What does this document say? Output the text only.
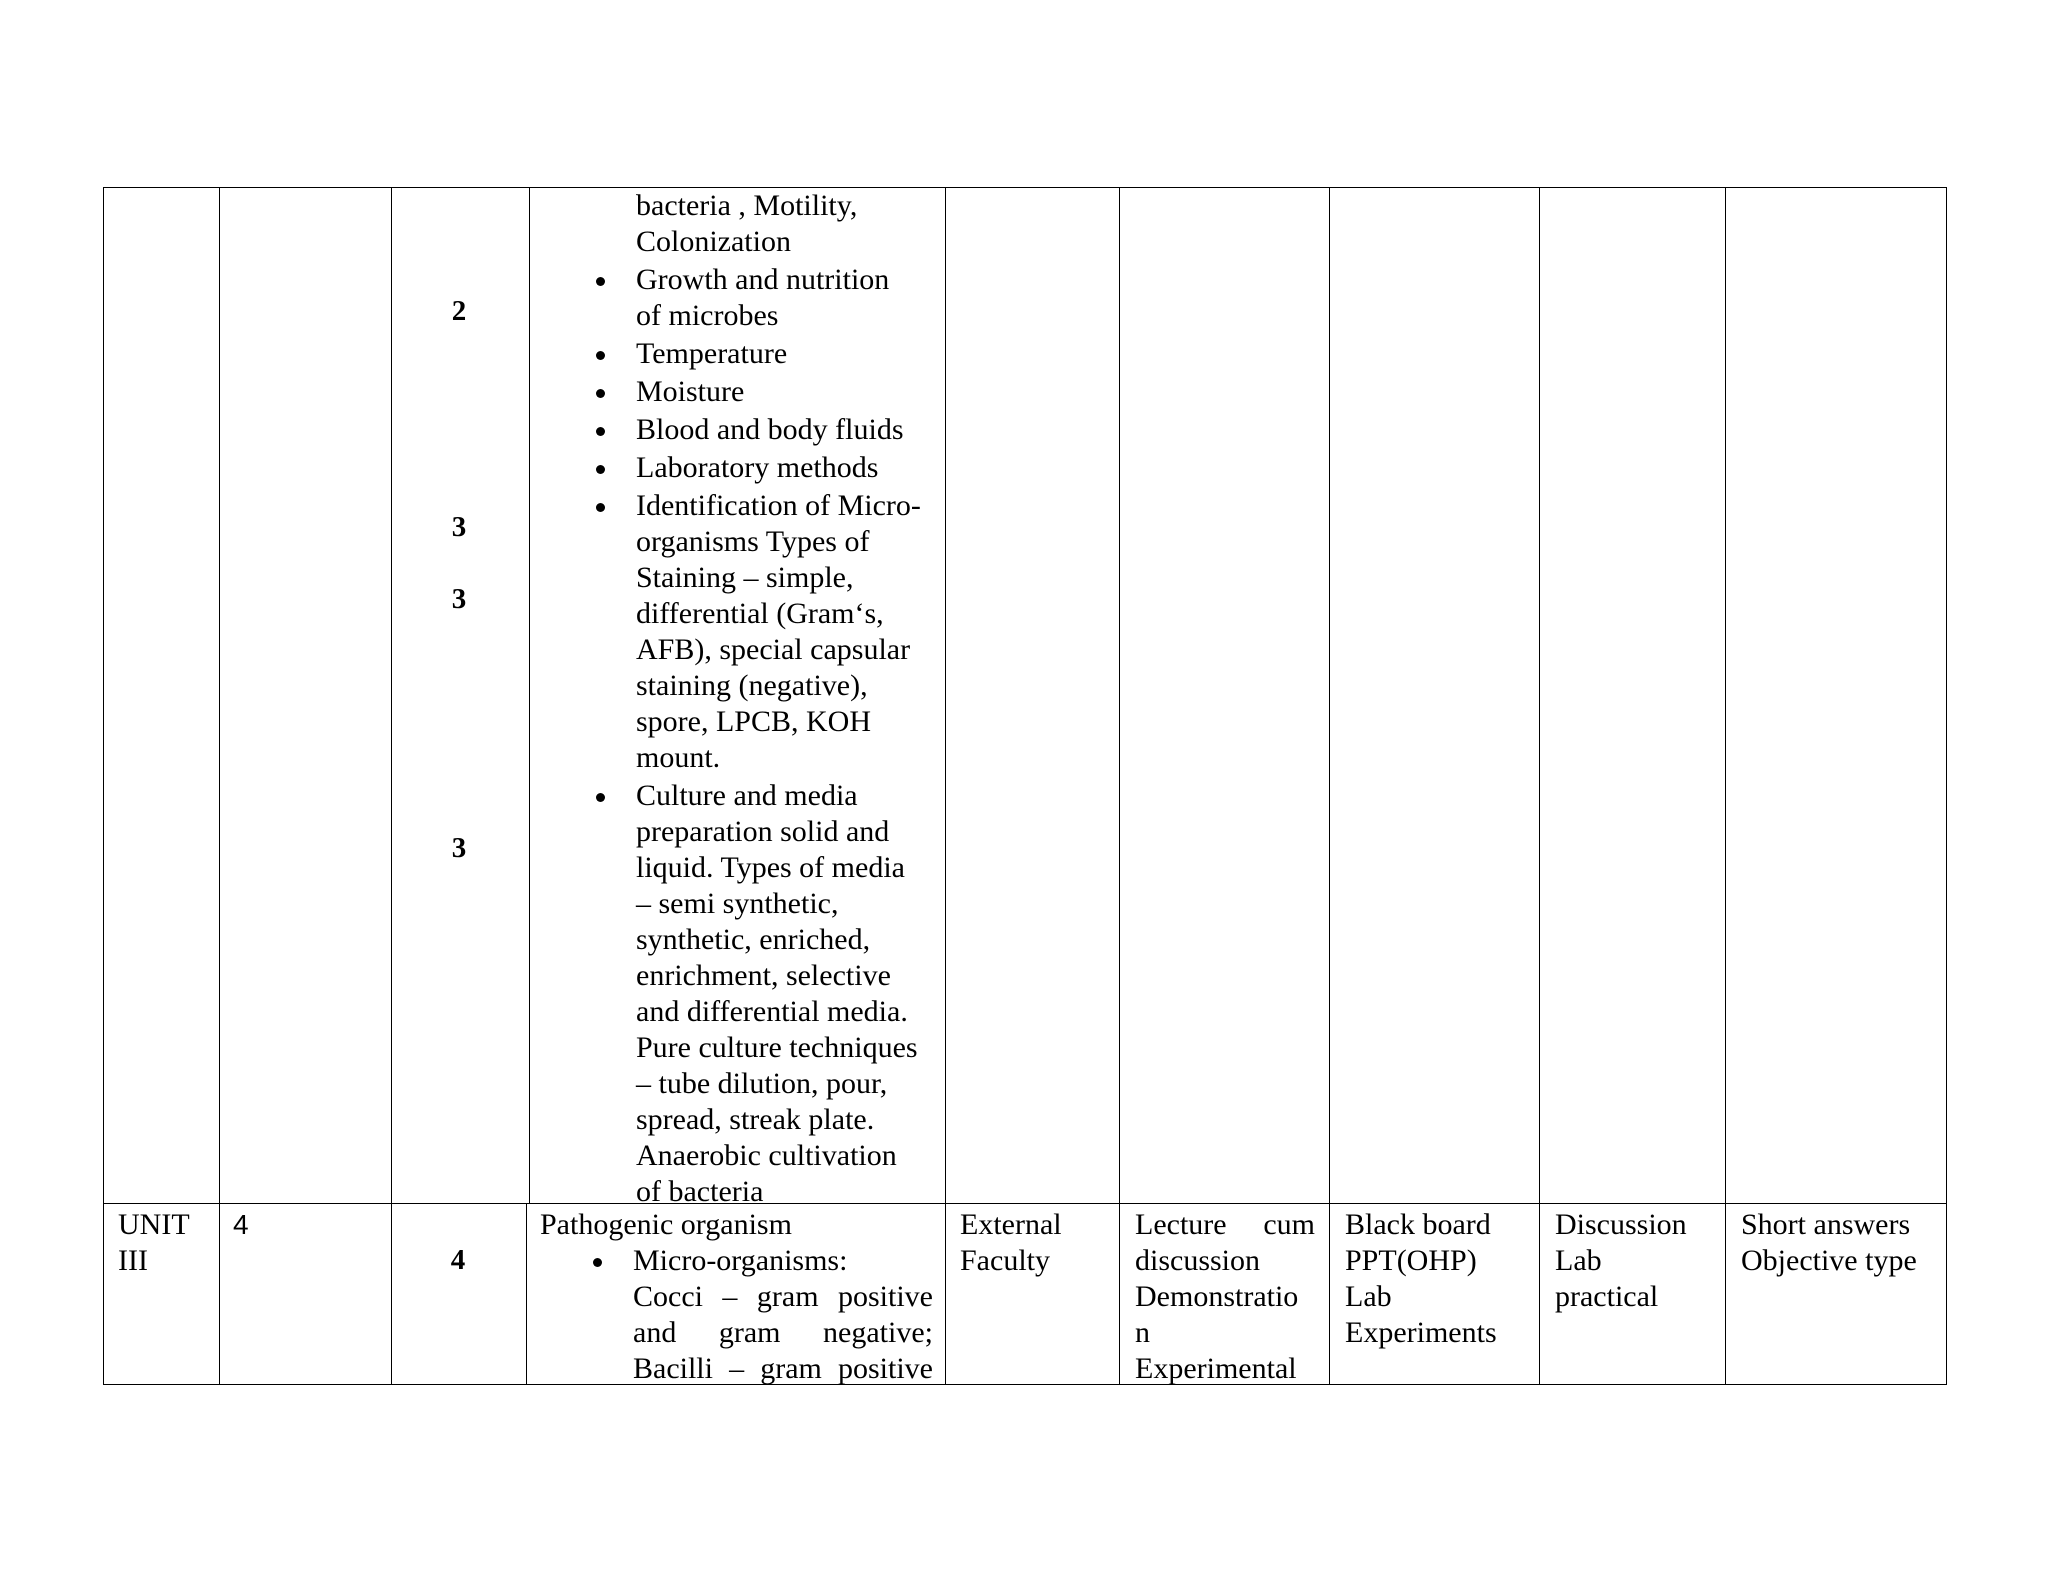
2
3
3
3
bacteria , Motility,
Colonization
Growth and nutrition
of microbes
Temperature
Moisture
Blood and body fluids
Laboratory methods
Identification of Micro-
organisms Types of
Staining – simple,
differential (Gram‘s,
AFB), special capsular
staining (negative),
spore, LPCB, KOH
mount.
Culture and media
preparation solid and
liquid. Types of media
– semi synthetic,
synthetic, enriched,
enrichment, selective
and differential media.
Pure culture techniques
– tube dilution, pour,
spread, streak plate.
Anaerobic cultivation
of bacteria
UNIT
III
4
4
Pathogenic organism
Micro-organisms:
Cocci – gram positive
and gram negative;
Bacilli – gram positive
External
Faculty
Lecture cum
discussion
Demonstratio
n
Experimental
Black board
PPT(OHP)
Lab
Experiments
Discussion
Lab
practical
Short answers
Objective type
